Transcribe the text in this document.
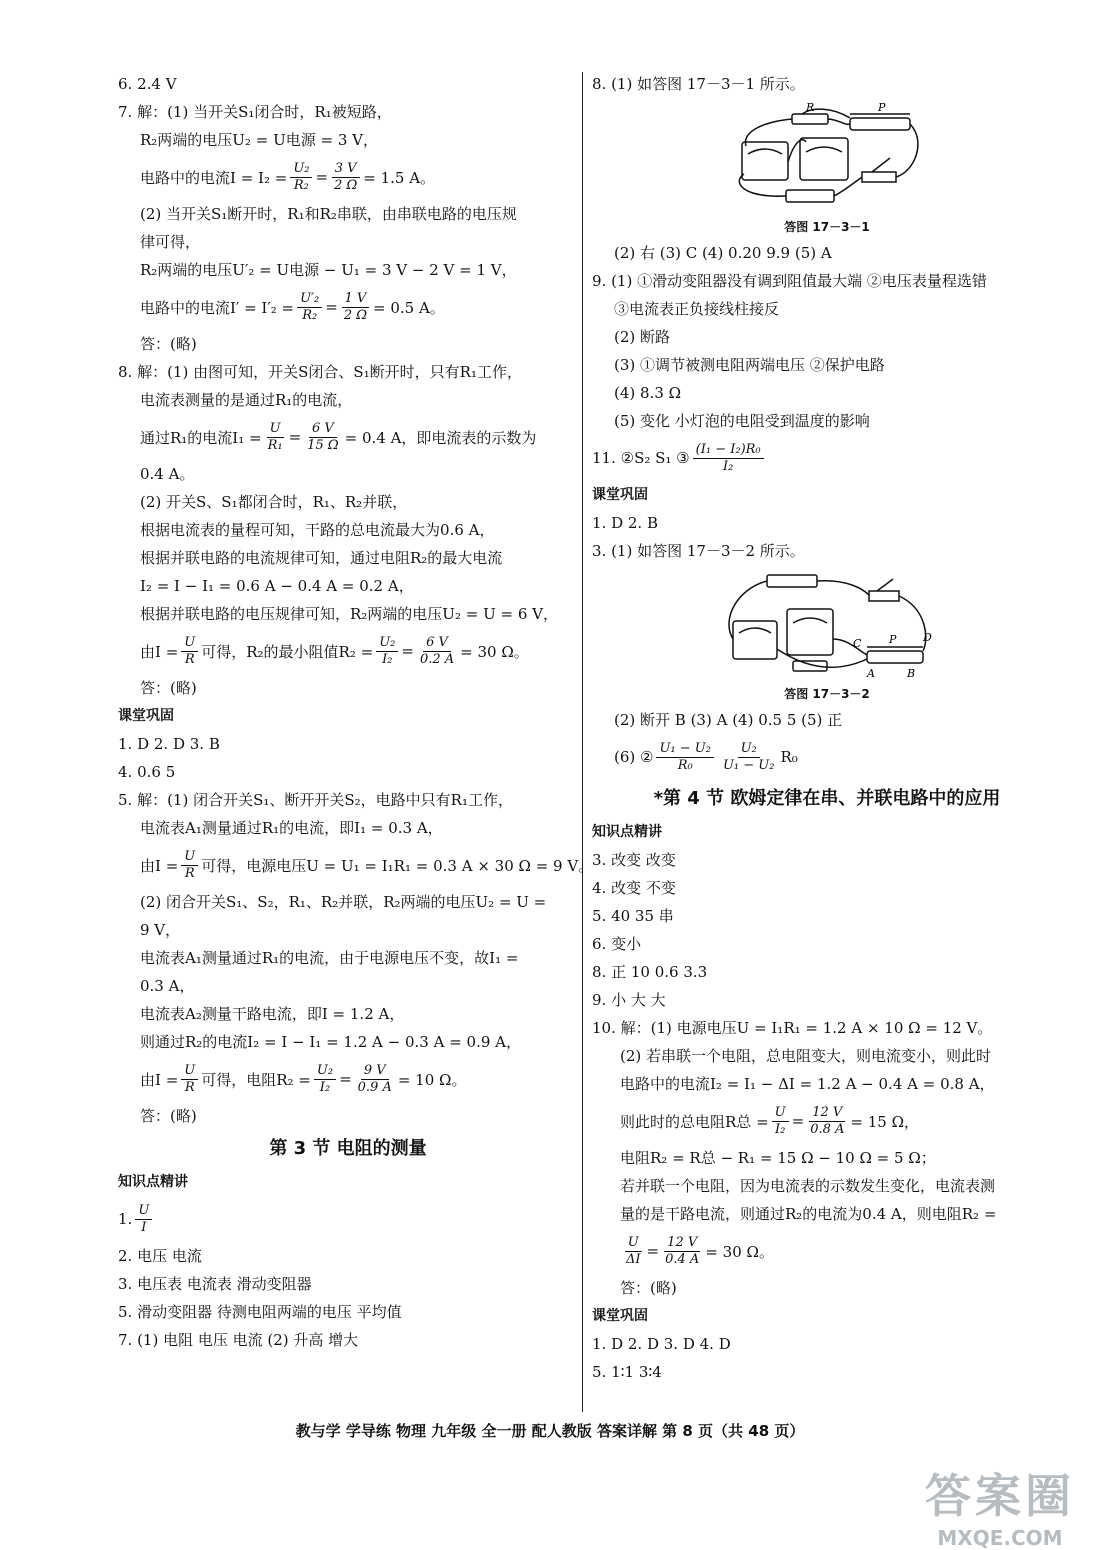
6. 2.4 V
7. 解：(1) 当开关S₁闭合时，R₁被短路，
R₂两端的电压U₂ = U电源 = 3 V，
电路中的电流$I = I_2 = \frac{\text{U₂}}{\text{R₂}} = \frac{3 V}{2 \Omega} = 1.5$ A。
(2) 当开关S₁断开时，R₁和R₂串联，由串联电路的电压规
律可得，
R₂两端的电压U′₂ = U电源 − U₁ = 3 V − 2 V = 1 V，
电路中的电流$I' = I'_2 = \frac{\text{U′₂}}{\text{R₂}} = \frac{1 V}{2 \Omega} = 0.5$ A。
答：(略)
8. 解：(1) 由图可知，开关S闭合、S₁断开时，只有R₁工作，
电流表测量的是通过R₁的电流，
通过R₁的电流$I_1 = \frac{U}{\text{R₁}} = \frac{6 V}{15 \Omega} = 0.4$ A，即电流表的示数为
0.4 A。
(2) 开关S、S₁都闭合时，R₁、R₂并联，
根据电流表的量程可知，干路的总电流最大为0.6 A，
根据并联电路的电流规律可知，通过电阻R₂的最大电流
I₂ = I − I₁ = 0.6 A − 0.4 A = 0.2 A，
根据并联电路的电压规律可知，R₂两端的电压U₂ = U = 6 V，
由$I = \frac{U}{R}$ 可得，R₂的最小阻值$R_2 = \frac{\text{U₂}}{\text{I₂}} = \frac{6 V}{0.2 A} = 30$ Ω。
答：(略)
课堂巩固
1. D 2. D 3. B
4. 0.6 5
5. 解：(1) 闭合开关S₁、断开开关S₂，电路中只有R₁工作，
电流表A₁测量通过R₁的电流，即I₁ = 0.3 A，
由$I = \frac{U}{R}$ 可得，电源电压U = U₁ = I₁R₁ = 0.3 A × 30 Ω = 9 V。
(2) 闭合开关S₁、S₂，R₁、R₂并联，R₂两端的电压U₂ = U =
9 V，
电流表A₁测量通过R₁的电流，由于电源电压不变，故I₁ =
0.3 A，
电流表A₂测量干路电流，即I = 1.2 A，
则通过R₂的电流I₂ = I − I₁ = 1.2 A − 0.3 A = 0.9 A，
由$I = \frac{U}{R}$ 可得，电阻$R_2 = \frac{\text{U₂}}{\text{I₂}} = \frac{9 V}{0.9 A} = 10$ Ω。
答：(略)
第 3 节 电阻的测量
知识点精讲
1. $\frac{U}{I}$
2. 电压 电流
3. 电压表 电流表 滑动变阻器
5. 滑动变阻器 待测电阻两端的电压 平均值
7. (1) 电阻 电压 电流 (2) 升高 增大
8. (1) 如答图 17－3－1 所示。
R	P
答图 17－3－1
(2) 右 (3) C (4) 0.20 9.9 (5) A
9. (1) ①滑动变阻器没有调到阻值最大端 ②电压表量程选错
③电流表正负接线柱接反
(2) 断路
(3) ①调节被测电阻两端电压 ②保护电路
(4) 8.3 Ω
(5) 变化 小灯泡的电阻受到温度的影响
11. ②S₂ S₁ ③ $\frac{\text{(I₁ − I₂)R₀}}{\text{I₂}}$
课堂巩固
1. D 2. B
3. (1) 如答图 17－3－2 所示。
C	P D
A	B
答图 17－3－2
(2) 断开 B (3) A (4) 0.5 5 (5) 正
(6) ② $\frac{\text{U₁ − U₂}}{\text{R₀}} \frac{\text{U₂}}{\text{U₁ − U₂}} R_0$
*第 4 节 欧姆定律在串、并联电路中的应用
知识点精讲
3. 改变 改变
4. 改变 不变
5. 40 35 串
6. 变小
8. 正 10 0.6 3.3
9. 小 大 大
10. 解：(1) 电源电压U = I₁R₁ = 1.2 A × 10 Ω = 12 V。
(2) 若串联一个电阻，总电阻变大，则电流变小，则此时
电路中的电流I₂ = I₁ − ΔI = 1.2 A − 0.4 A = 0.8 A，
则此时的总电阻R总 = $\frac{U}{\text{I₂}} = \frac{12 V}{0.8 A} = 15$ Ω，
电阻R₂ = R总 − R₁ = 15 Ω − 10 Ω = 5 Ω；
若并联一个电阻，因为电流表的示数发生变化，电流表测
量的是干路电流，则通过R₂的电流为0.4 A，则电阻R₂ =
$\frac{U}{\Delta I} = \frac{12 V}{0.4 A} = 30$ Ω。
答：(略)
课堂巩固
1. D 2. D 3. D 4. D
5. 1∶1 3∶4
教与学 学导练 物理 九年级 全一册 配人教版 答案详解 第 8 页（共 48 页）
答案圈
MXQE.COM
